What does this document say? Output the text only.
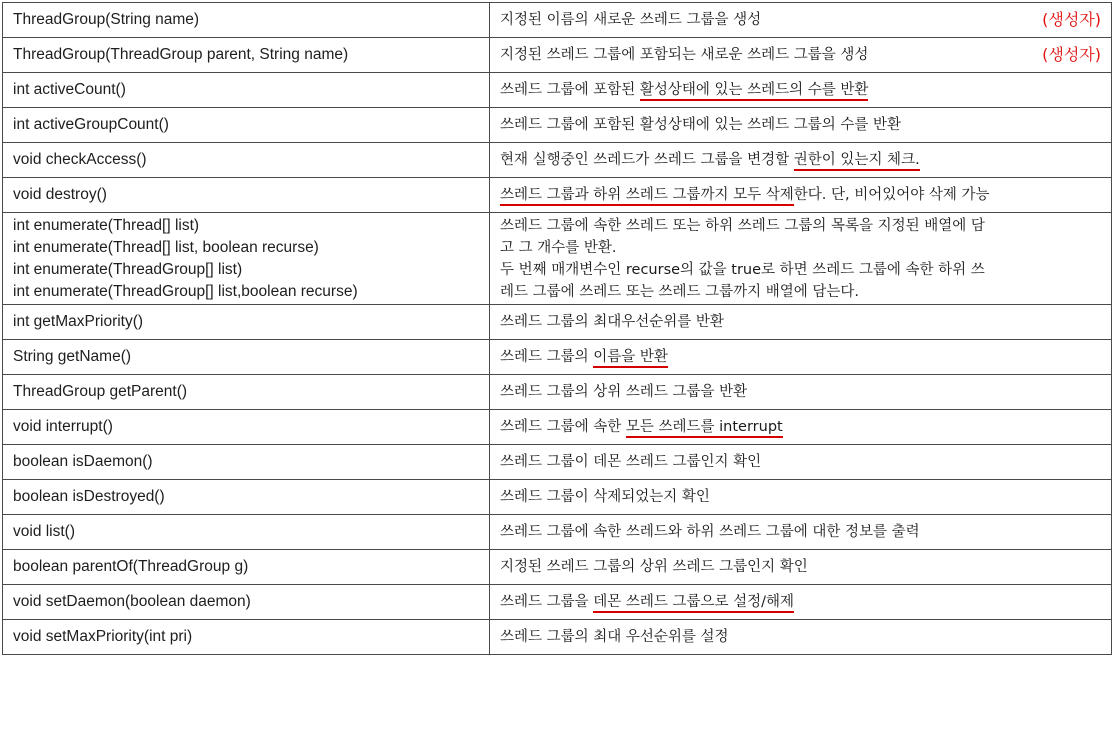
ThreadGroup(String name)	지정된 이름의 새로운 쓰레드 그룹을 생성 (생성자)

ThreadGroup(ThreadGroup parent, String name)	지정된 쓰레드 그룹에 포함되는 새로운 쓰레드 그룹을 생성 (생성자)

int activeCount()	쓰레드 그룹에 포함된 활성상태에 있는 쓰레드의 수를 반환

int activeGroupCount()	쓰레드 그룹에 포함된 활성상태에 있는 쓰레드 그룹의 수를 반환

void checkAccess()	현재 실행중인 쓰레드가 쓰레드 그룹을 변경할 권한이 있는지 체크.

void destroy()	쓰레드 그룹과 하위 쓰레드 그룹까지 모두 삭제한다. 단, 비어있어야 삭제 가능

int enumerate(Thread[] list)
int enumerate(Thread[] list, boolean recurse)
int enumerate(ThreadGroup[] list)
int enumerate(ThreadGroup[] list,boolean recurse)	쓰레드 그룹에 속한 쓰레드 또는 하위 쓰레드 그룹의 목록을 지정된 배열에 담
고 그 개수를 반환.
두 번째 매개변수인 recurse의 값을 true로 하면 쓰레드 그룹에 속한 하위 쓰
레드 그룹에 쓰레드 또는 쓰레드 그룹까지 배열에 담는다.

int getMaxPriority()	쓰레드 그룹의 최대우선순위를 반환

String getName()	쓰레드 그룹의 이름을 반환

ThreadGroup getParent()	쓰레드 그룹의 상위 쓰레드 그룹을 반환

void interrupt()	쓰레드 그룹에 속한 모든 쓰레드를 interrupt

boolean isDaemon()	쓰레드 그룹이 데몬 쓰레드 그룹인지 확인

boolean isDestroyed()	쓰레드 그룹이 삭제되었는지 확인

void list()	쓰레드 그룹에 속한 쓰레드와 하위 쓰레드 그룹에 대한 정보를 출력

boolean parentOf(ThreadGroup g)	지정된 쓰레드 그룹의 상위 쓰레드 그룹인지 확인

void setDaemon(boolean daemon)	쓰레드 그룹을 데몬 쓰레드 그룹으로 설정/해제

void setMaxPriority(int pri)	쓰레드 그룹의 최대 우선순위를 설정
